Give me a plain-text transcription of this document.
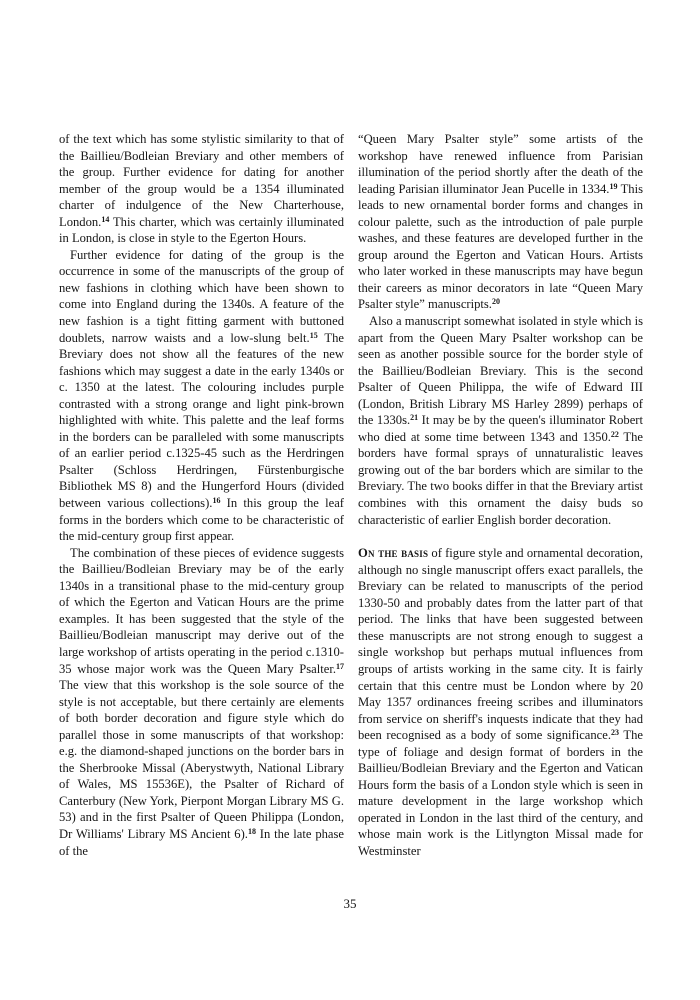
of the text which has some stylistic similarity to that of the Baillieu/Bodleian Breviary and other members of the group. Further evidence for dating for another member of the group would be a 1354 illuminated charter of indulgence of the New Charterhouse, London.$^{14}$ This charter, which was certainly illuminated in London, is close in style to the Egerton Hours.

Further evidence for dating of the group is the occurrence in some of the manuscripts of the group of new fashions in clothing which have been shown to come into England during the 1340s. A feature of the new fashion is a tight fitting garment with buttoned doublets, narrow waists and a low-slung belt.$^{15}$ The Breviary does not show all the features of the new fashions which may suggest a date in the early 1340s or c. 1350 at the latest. The colouring includes purple contrasted with a strong orange and light pink-brown highlighted with white. This palette and the leaf forms in the borders can be paralleled with some manuscripts of an earlier period c.1325-45 such as the Herdringen Psalter (Schloss Herdringen, Fürstenburgische Bibliothek MS 8) and the Hungerford Hours (divided between various collections).$^{16}$ In this group the leaf forms in the borders which come to be characteristic of the mid-century group first appear.

The combination of these pieces of evidence suggests the Baillieu/Bodleian Breviary may be of the early 1340s in a transitional phase to the mid-century group of which the Egerton and Vatican Hours are the prime examples. It has been suggested that the style of the Baillieu/Bodleian manuscript may derive out of the large workshop of artists operating in the period c.1310-35 whose major work was the Queen Mary Psalter.$^{17}$ The view that this workshop is the sole source of the style is not acceptable, but there certainly are elements of both border decoration and figure style which do parallel those in some manuscripts of that workshop: e.g. the diamond-shaped junctions on the border bars in the Sherbrooke Missal (Aberystwyth, National Library of Wales, MS 15536E), the Psalter of Richard of Canterbury (New York, Pierpont Morgan Library MS G. 53) and in the first Psalter of Queen Philippa (London, Dr Williams' Library MS Ancient 6).$^{18}$ In the late phase of the

“Queen Mary Psalter style” some artists of the workshop have renewed influence from Parisian illumination of the period shortly after the death of the leading Parisian illuminator Jean Pucelle in 1334.19 This leads to new ornamental border forms and changes in colour palette, such as the introduction of pale purple washes, and these features are developed further in the group around the Egerton and Vatican Hours. Artists who later worked in these manuscripts may have begun their careers as minor decorators in late “Queen Mary Psalter style” manuscripts.$^{20}$

Also a manuscript somewhat isolated in style which is apart from the Queen Mary Psalter workshop can be seen as another possible source for the border style of the Baillieu/Bodleian Breviary. This is the second Psalter of Queen Philippa, the wife of Edward III (London, British Library MS Harley 2899) perhaps of the 1330s.$^{21}$ It may be by the queen's illuminator Robert who died at some time between 1343 and 1350.22 The borders have formal sprays of unnaturalistic leaves growing out of the bar borders which are similar to the Breviary. The two books differ in that the Breviary artist combines with this ornament the daisy buds so characteristic of earlier English border decoration.

On the basis of figure style and ornamental decoration, although no single manuscript offers exact parallels, the Breviary can be related to manuscripts of the period 1330-50 and probably dates from the latter part of that period. The links that have been suggested between these manuscripts are not strong enough to suggest a single workshop but perhaps mutual influences from groups of artists working in the same city. It is fairly certain that this centre must be London where by 20 May 1357 ordinances freeing scribes and illuminators from service on sheriff's inquests indicate that they had been recognised as a body of some significance.$^{23}$ The type of foliage and design format of borders in the Baillieu/Bodleian Breviary and the Egerton and Vatican Hours form the basis of a London style which is seen in mature development in the large workshop which operated in London in the last third of the century, and whose main work is the Litlyngton Missal made for Westminster

35
